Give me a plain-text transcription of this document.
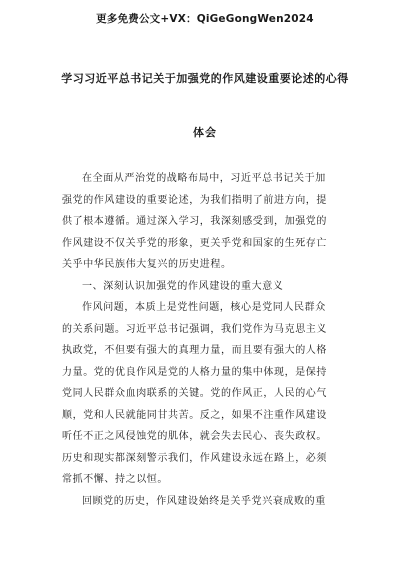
更多免费公文+VX：QiGeGongWen2024
学习习近平总书记关于加强党的作风建设重要论述的心得
体会
在全面从严治党的战略布局中，习近平总书记关于加
强党的作风建设的重要论述，为我们指明了前进方向，提
供了根本遵循。通过深入学习，我深刻感受到，加强党的
作风建设不仅关乎党的形象，更关乎党和国家的生死存亡
关乎中华民族伟大复兴的历史进程。
一、深刻认识加强党的作风建设的重大意义
作风问题，本质上是党性问题，核心是党同人民群众
的关系问题。习近平总书记强调，我们党作为马克思主义
执政党，不但要有强大的真理力量，而且要有强大的人格
力量。党的优良作风是党的人格力量的集中体现，是保持
党同人民群众血肉联系的关键。党的作风正，人民的心气
顺，党和人民就能同甘共苦。反之，如果不注重作风建设
听任不正之风侵蚀党的肌体，就会失去民心、丧失政权。
历史和现实都深刻警示我们，作风建设永远在路上，必须
常抓不懈、持之以恒。
回顾党的历史，作风建设始终是关乎党兴衰成败的重
